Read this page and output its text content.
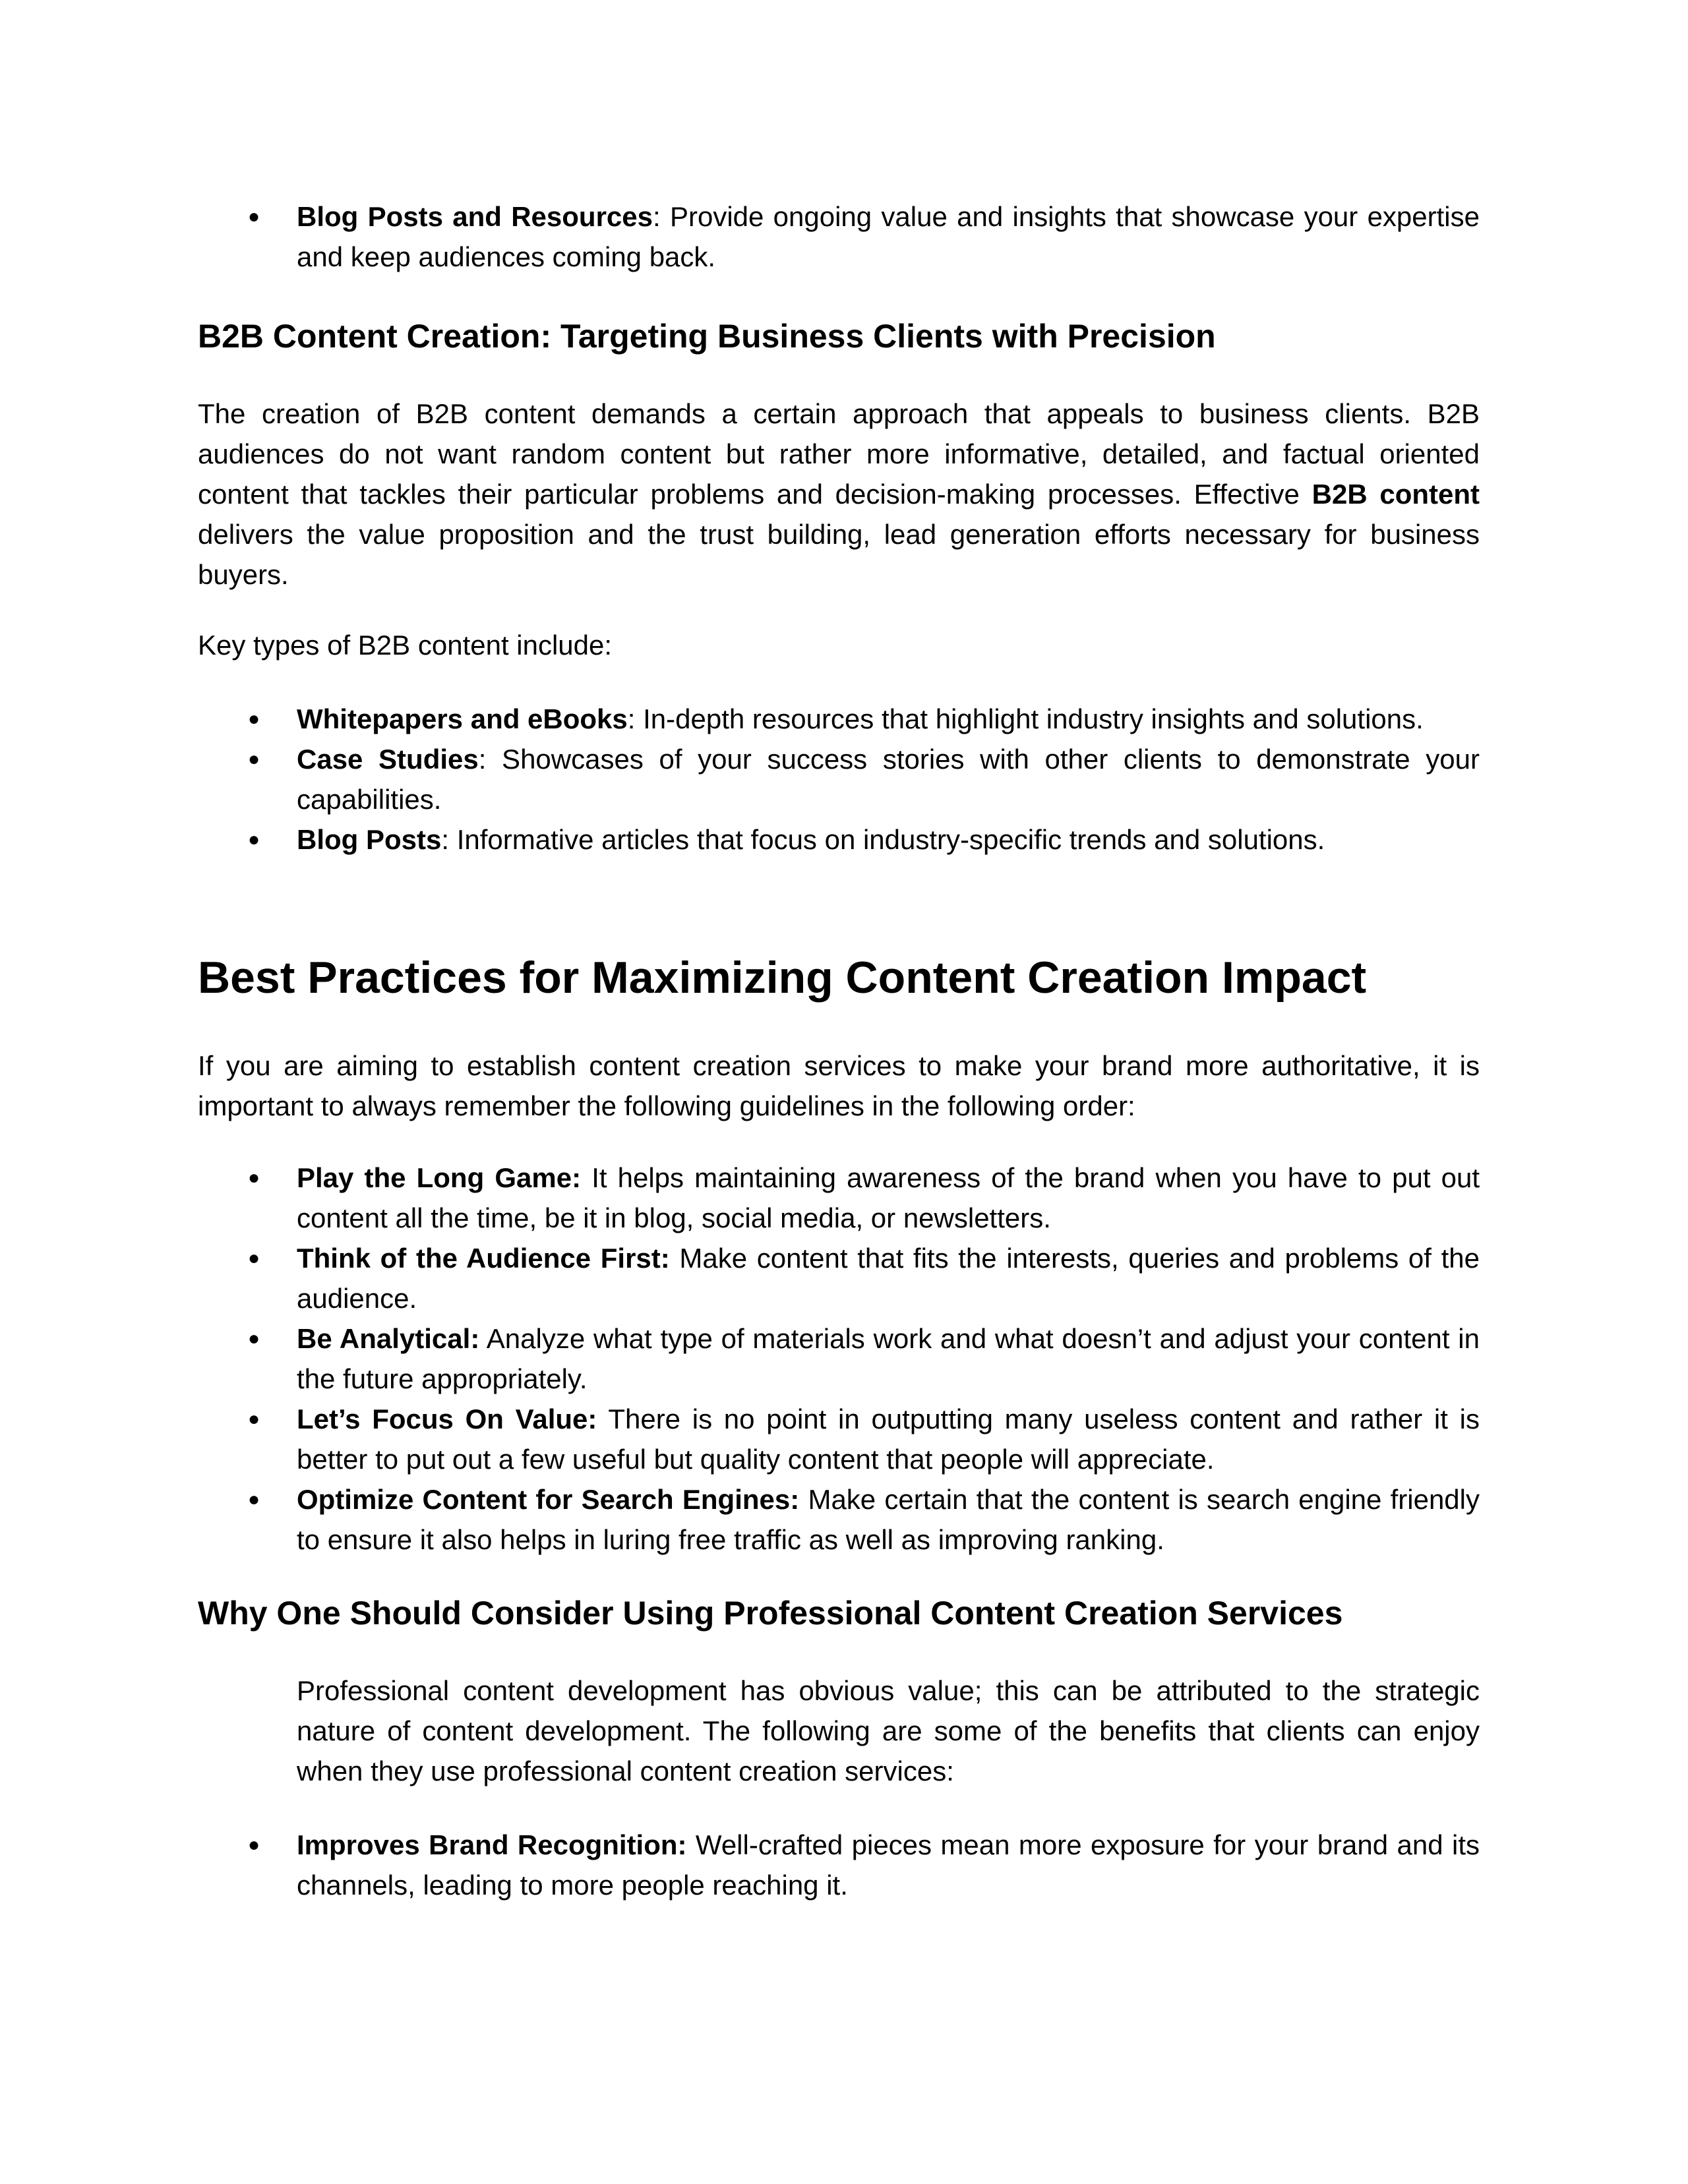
●	Blog Posts and Resources: Provide ongoing value and insights that showcase your expertise and keep audiences coming back.
B2B Content Creation: Targeting Business Clients with Precision

The creation of B2B content demands a certain approach that appeals to business clients. B2B audiences do not want random content but rather more informative, detailed, and factual oriented content that tackles their particular problems and decision-making processes. Effective B2B content delivers the value proposition and the trust building, lead generation efforts necessary for business buyers.

Key types of B2B content include:

●	Whitepapers and eBooks: In-depth resources that highlight industry insights and solutions.
●	Case Studies: Showcases of your success stories with other clients to demonstrate your capabilities.
●	Blog Posts: Informative articles that focus on industry-specific trends and solutions.
Best Practices for Maximizing Content Creation Impact

If you are aiming to establish content creation services to make your brand more authoritative, it is important to always remember the following guidelines in the following order:

●	Play the Long Game: It helps maintaining awareness of the brand when you have to put out content all the time, be it in blog, social media, or newsletters.
●	Think of the Audience First: Make content that fits the interests, queries and problems of the audience.
●	Be Analytical: Analyze what type of materials work and what doesn’t and adjust your content in the future appropriately.
●	Let’s Focus On Value: There is no point in outputting many useless content and rather it is better to put out a few useful but quality content that people will appreciate.
●	Optimize Content for Search Engines: Make certain that the content is search engine friendly to ensure it also helps in luring free traffic as well as improving ranking.
Why One Should Consider Using Professional Content Creation Services

Professional content development has obvious value; this can be attributed to the strategic nature of content development. The following are some of the benefits that clients can enjoy when they use professional content creation services:

●	Improves Brand Recognition: Well-crafted pieces mean more exposure for your brand and its channels, leading to more people reaching it.
